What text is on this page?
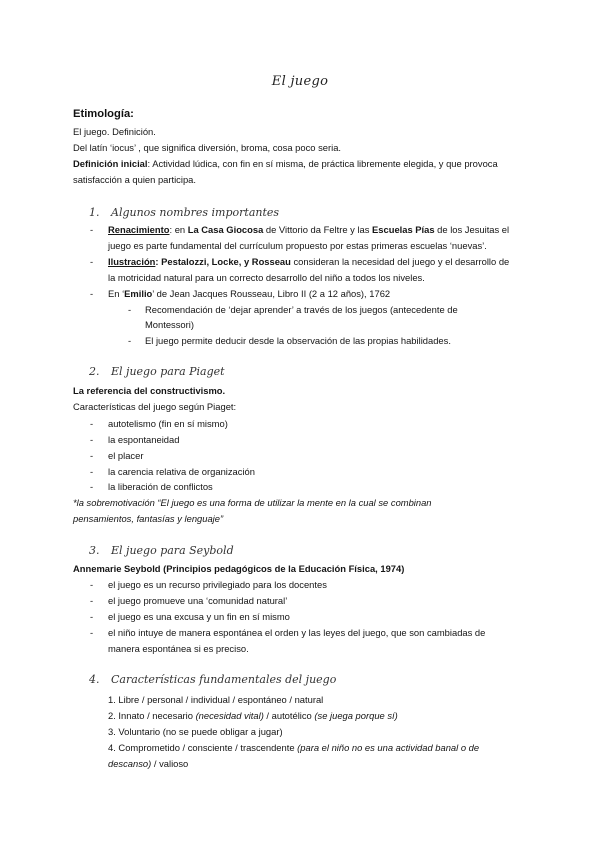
El juego
Etimología:
El juego. Definición.
Del latín ‘iocus’ , que significa diversión, broma, cosa poco seria.
Definición inicial: Actividad lúdica, con fin en sí misma, de práctica libremente elegida, y que provoca
satisfacción a quien participa.
1. Algunos nombres importantes
- Renacimiento: en La Casa Giocosa de Vittorio da Feltre y las Escuelas Pías de los Jesuitas el
juego es parte fundamental del currículum propuesto por estas primeras escuelas ‘nuevas’.
- Ilustración: Pestalozzi, Locke, y Rosseau consideran la necesidad del juego y el desarrollo de
la motricidad natural para un correcto desarrollo del niño a todos los niveles.
- En ‘Emilio’ de Jean Jacques Rousseau, Libro II (2 a 12 años), 1762
- Recomendación de ‘dejar aprender’ a través de los juegos (antecedente de
Montessori)
- El juego permite deducir desde la observación de las propias habilidades.
2. El juego para Piaget
La referencia del constructivismo.
Características del juego según Piaget:
- autotelismo (fin en sí mismo)
- la espontaneidad
- el placer
- la carencia relativa de organización
- la liberación de conflictos
*la sobremotivación “El juego es una forma de utilizar la mente en la cual se combinan
pensamientos, fantasías y lenguaje”
3. El juego para Seybold
Annemarie Seybold (Principios pedagógicos de la Educación Física, 1974)
- el juego es un recurso privilegiado para los docentes
- el juego promueve una ‘comunidad natural’
- el juego es una excusa y un fin en sí mismo
- el niño intuye de manera espontánea el orden y las leyes del juego, que son cambiadas de
manera espontánea si es preciso.
4. Características fundamentales del juego
1. Libre / personal / individual / espontáneo / natural
2. Innato / necesario (necesidad vital) / autotélico (se juega porque sí)
3. Voluntario (no se puede obligar a jugar)
4. Comprometido / consciente / trascendente (para el niño no es una actividad banal o de
descanso) / valioso
